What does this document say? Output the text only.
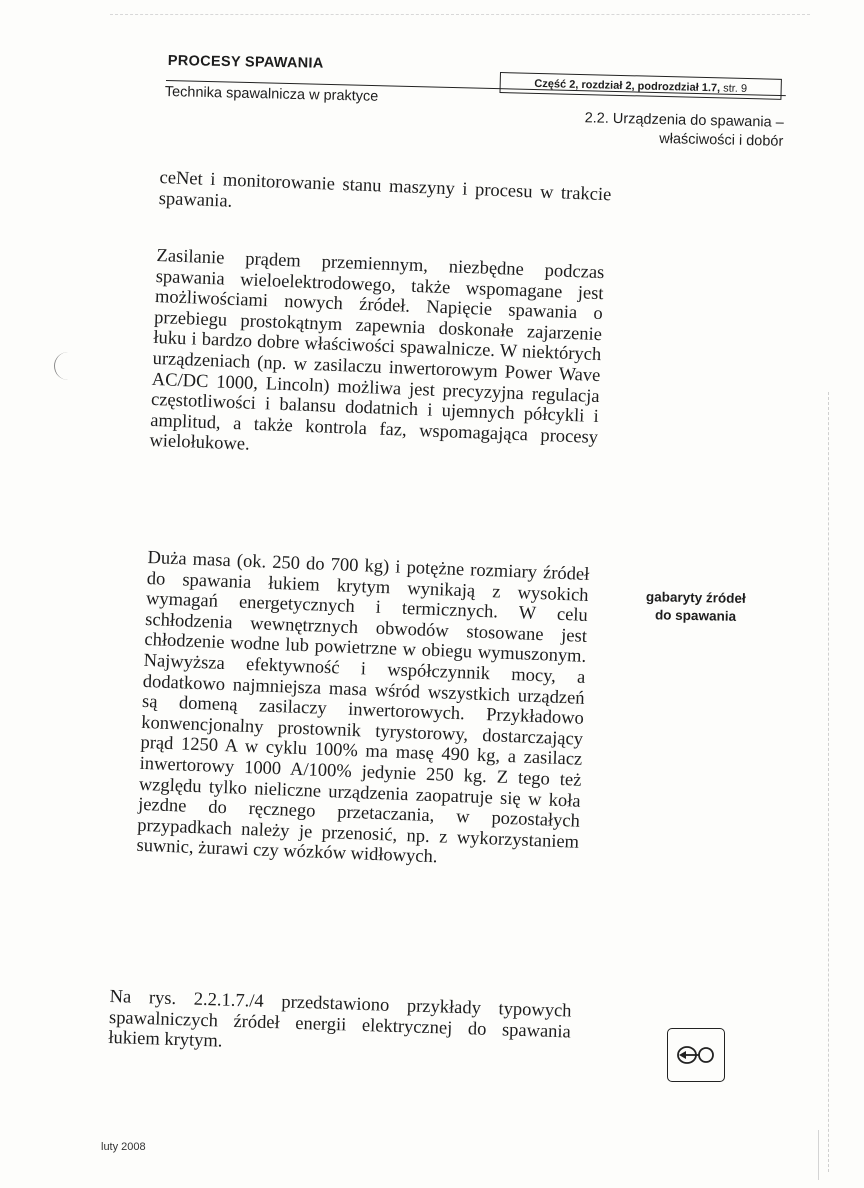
PROCESY SPAWANIA
Technika spawalnicza w praktyce	Część 2, rozdział 2, podrozdział 1.7,
str. 9
2.2. Urządzenia do spawania –
właściwości i dobór

ceNet i monitorowanie stanu maszyny i procesu w trakcie spawania.

Zasilanie prądem przemiennym, niezbędne podczas spawania wieloelektrodowego, także wspomagane jest możliwościami nowych źródeł. Napięcie spawania o przebiegu prostokątnym zapewnia doskonałe zajarzenie łuku i bardzo dobre właściwości spawalnicze. W niektórych urządzeniach (np. w zasilaczu inwertorowym Power Wave AC/DC 1000, Lincoln) możliwa jest precyzyjna regulacja częstotliwości i balansu dodatnich i ujemnych półcykli i amplitud, a także kontrola faz, wspomagająca procesy wielołukowe.

Duża masa (ok. 250 do 700 kg) i potężne rozmiary źródeł do spawania łukiem krytym wynikają z wysokich wymagań energetycznych i termicznych. W celu schłodzenia wewnętrznych obwodów stosowane jest chłodzenie wodne lub powietrzne w obiegu wymuszonym. Najwyższa efektywność i współczynnik mocy, a dodatkowo najmniejsza masa wśród wszystkich urządzeń są domeną zasilaczy inwertorowych. Przykładowo konwencjonalny prostownik tyrystorowy, dostarczający prąd 1250 A w cyklu 100% ma masę 490 kg, a zasilacz inwertorowy 1000 A/100% jedynie 250 kg. Z tego też względu tylko nieliczne urządzenia zaopatruje się w koła jezdne do ręcznego przetaczania, w pozostałych przypadkach należy je przenosić, np. z wykorzystaniem suwnic, żurawi czy wózków widłowych.

Na rys. 2.2.1.7./4 przedstawiono przykłady typowych spawalniczych źródeł energii elektrycznej do spawania łukiem krytym.

gabaryty źródeł
do spawania
luty 2008
